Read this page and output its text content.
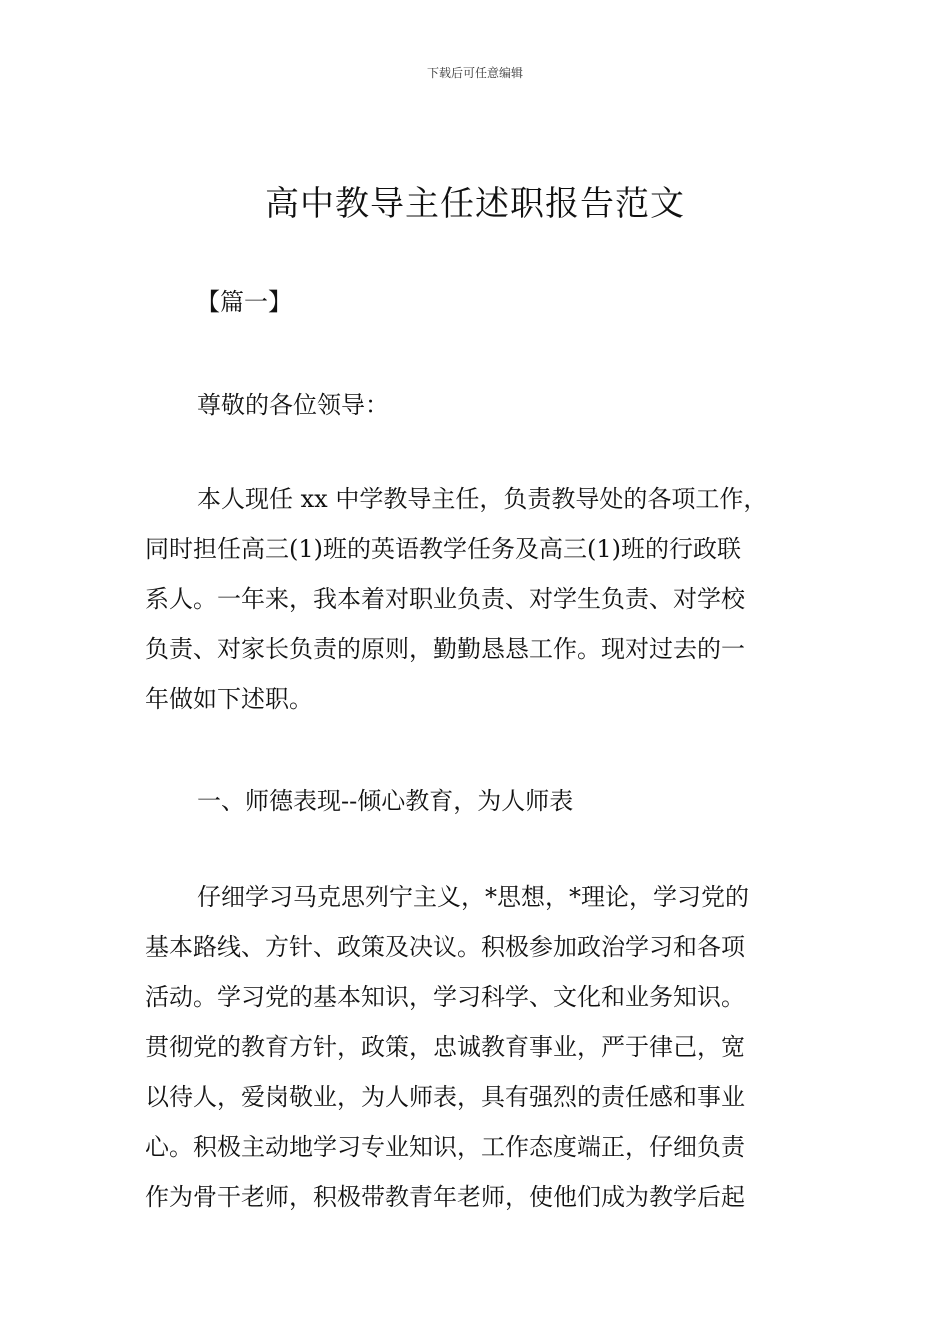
下载后可任意编辑
高中教导主任述职报告范文
【篇一】
尊敬的各位领导：
本人现任 xx 中学教导主任，负责教导处的各项工作，
同时担任高三(1)班的英语教学任务及高三(1)班的行政联
系人。一年来，我本着对职业负责、对学生负责、对学校
负责、对家长负责的原则，勤勤恳恳工作。现对过去的一
年做如下述职。
一、师德表现--倾心教育，为人师表
仔细学习马克思列宁主义，*思想，*理论，学习党的
基本路线、方针、政策及决议。积极参加政治学习和各项
活动。学习党的基本知识，学习科学、文化和业务知识。
贯彻党的教育方针，政策，忠诚教育事业，严于律己，宽
以待人，爱岗敬业，为人师表，具有强烈的责任感和事业
心。积极主动地学习专业知识，工作态度端正，仔细负责
作为骨干老师，积极带教青年老师，使他们成为教学后起
